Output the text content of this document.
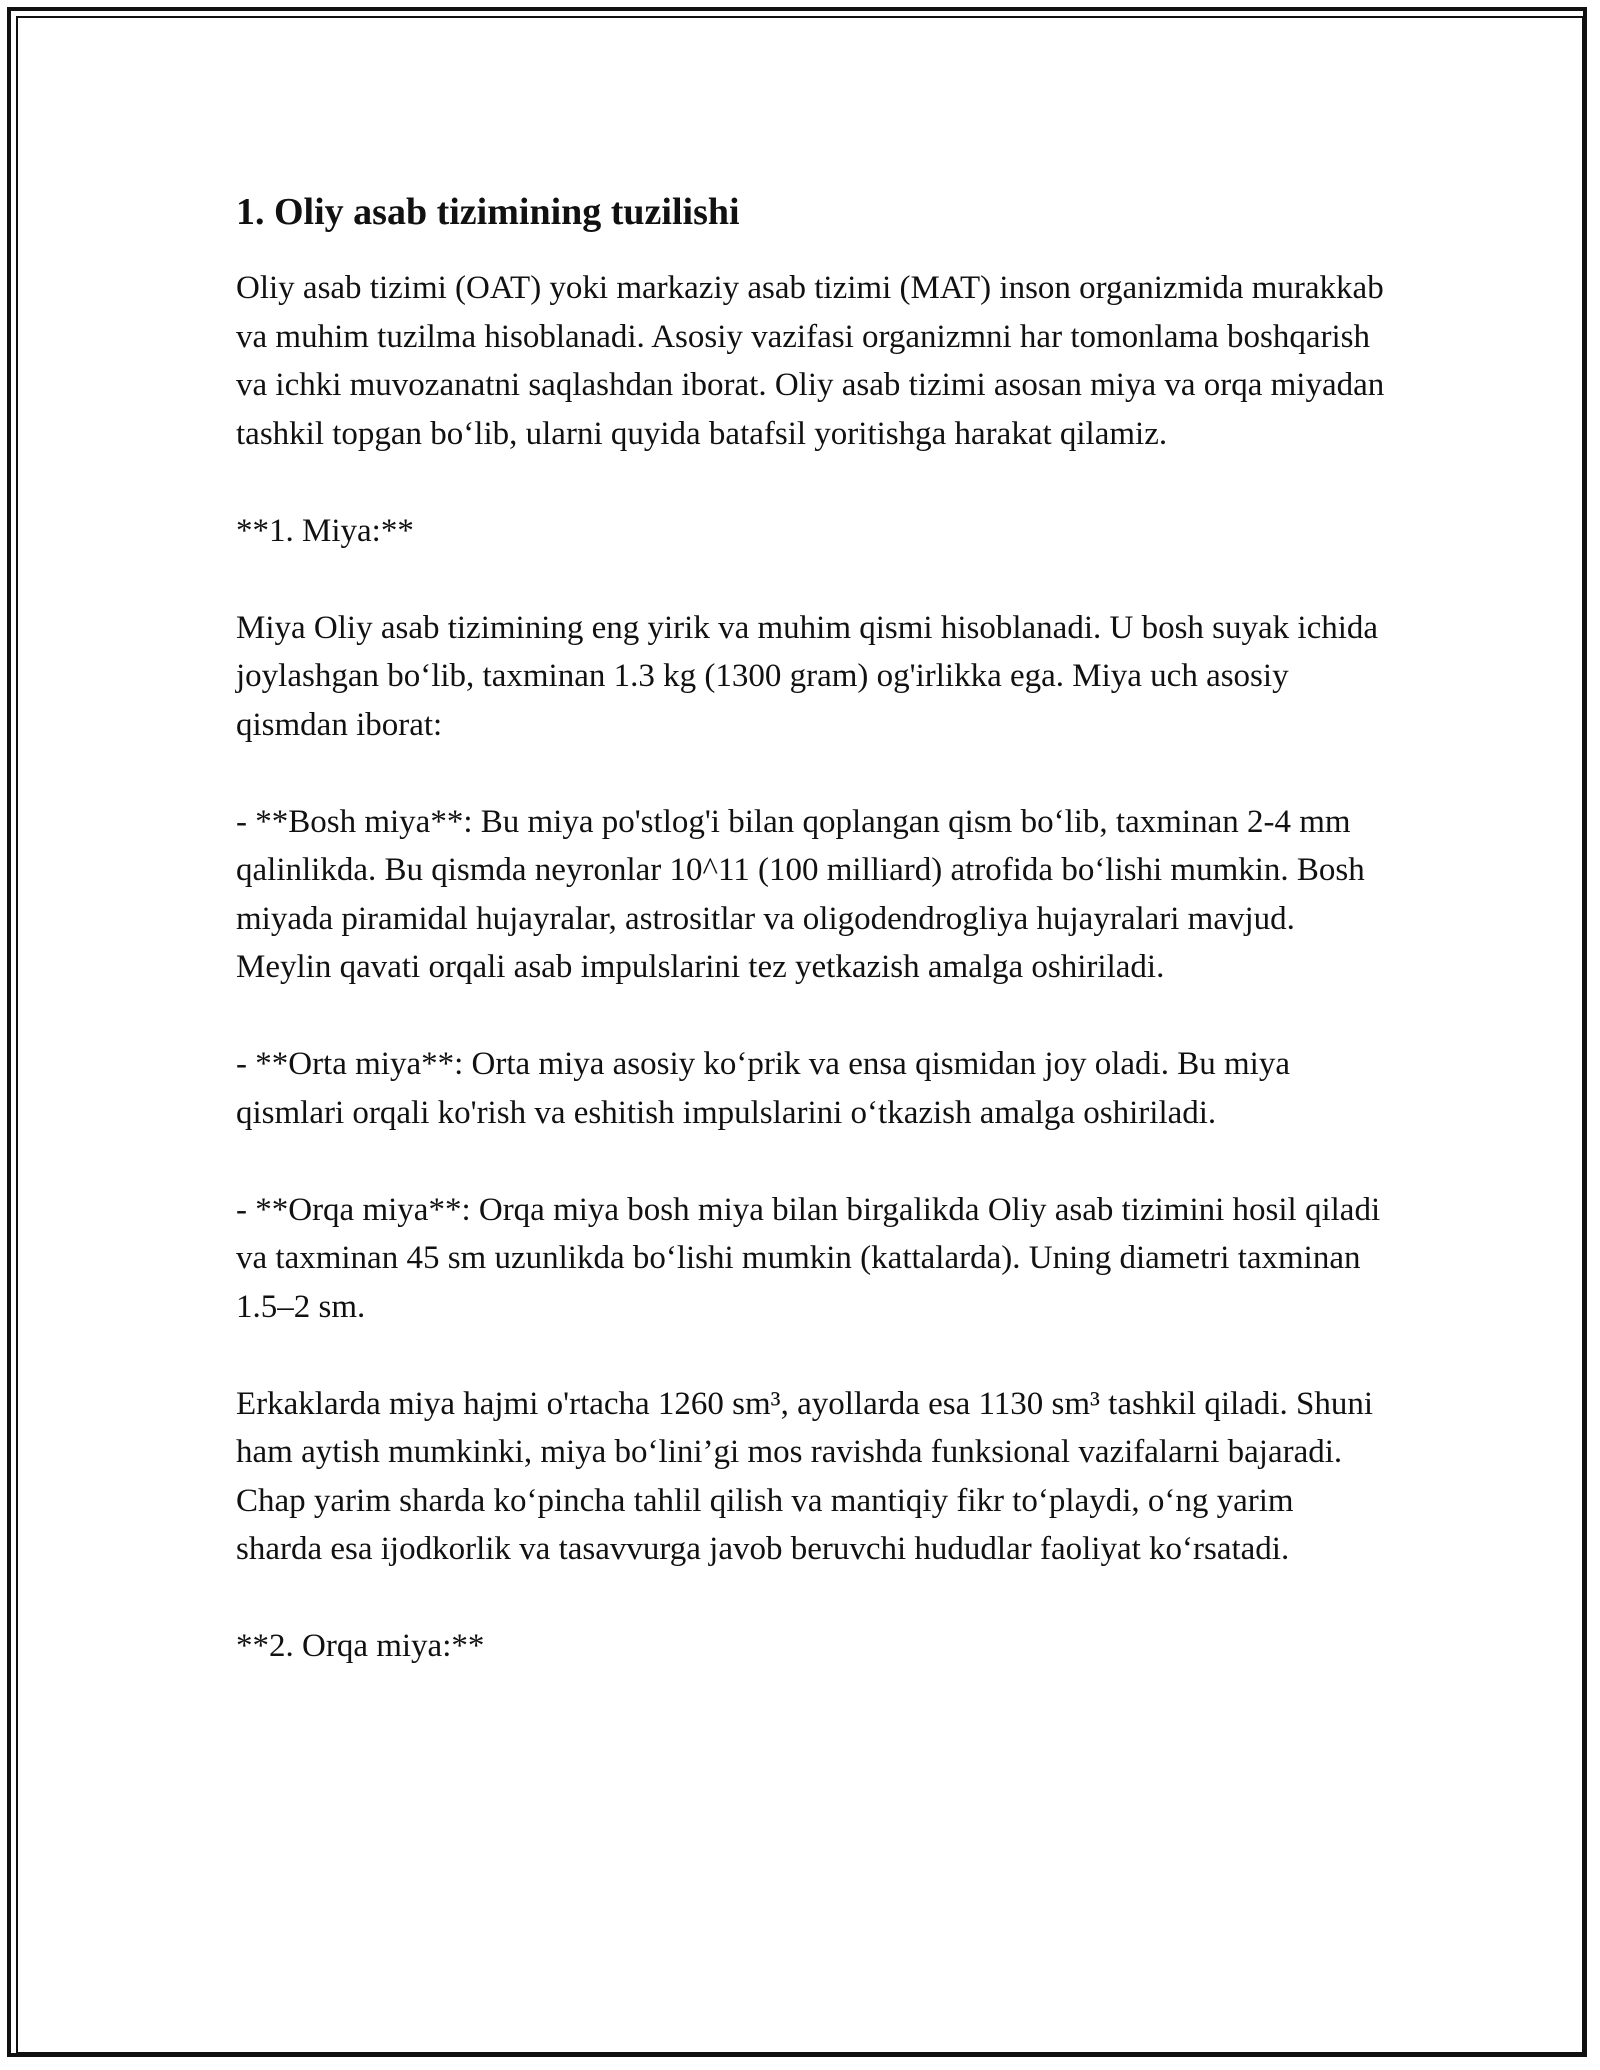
1. Oliy asab tizimining tuzilishi

Oliy asab tizimi (OAT) yoki markaziy asab tizimi (MAT) inson organizmida murakkab va muhim tuzilma hisoblanadi. Asosiy vazifasi organizmni har tomonlama boshqarish va ichki muvozanatni saqlashdan iborat. Oliy asab tizimi asosan miya va orqa miyadan tashkil topgan bo‘lib, ularni quyida batafsil yoritishga harakat qilamiz.

**1. Miya:**

Miya Oliy asab tizimining eng yirik va muhim qismi hisoblanadi. U bosh suyak ichida joylashgan bo‘lib, taxminan 1.3 kg (1300 gram) og'irlikka ega. Miya uch asosiy qismdan iborat:

- **Bosh miya**: Bu miya po'stlog'i bilan qoplangan qism bo‘lib, taxminan 2-4 mm qalinlikda. Bu qismda neyronlar 10^11 (100 milliard) atrofida bo‘lishi mumkin. Bosh miyada piramidal hujayralar, astrositlar va oligodendrogliya hujayralari mavjud. Meylin qavati orqali asab impulslarini tez yetkazish amalga oshiriladi.

- **Orta miya**: Orta miya asosiy ko‘prik va ensa qismidan joy oladi. Bu miya qismlari orqali ko'rish va eshitish impulslarini o‘tkazish amalga oshiriladi.

- **Orqa miya**: Orqa miya bosh miya bilan birgalikda Oliy asab tizimini hosil qiladi va taxminan 45 sm uzunlikda bo‘lishi mumkin (kattalarda). Uning diametri taxminan 1.5–2 sm.

Erkaklarda miya hajmi o'rtacha 1260 sm³, ayollarda esa 1130 sm³ tashkil qiladi. Shuni ham aytish mumkinki, miya bo‘lini’gi mos ravishda funksional vazifalarni bajaradi. Chap yarim sharda ko‘pincha tahlil qilish va mantiqiy fikr to‘playdi, o‘ng yarim sharda esa ijodkorlik va tasavvurga javob beruvchi hududlar faoliyat ko‘rsatadi.

**2. Orqa miya:**
